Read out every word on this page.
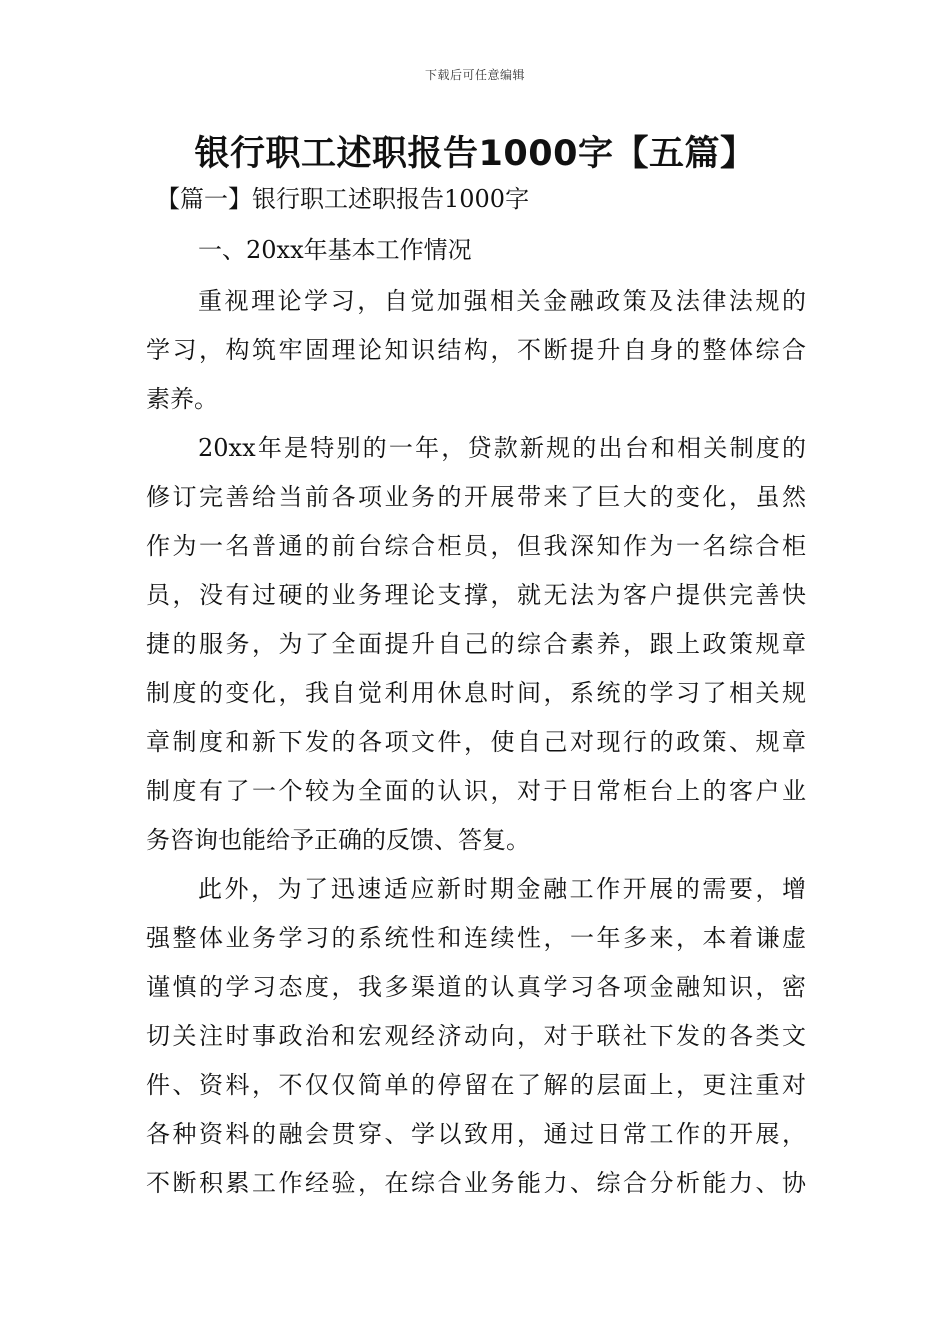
下载后可任意编辑
银行职工述职报告1000字【五篇】
【篇一】银行职工述职报告1000字
一、20xx年基本工作情况
重视理论学习，自觉加强相关金融政策及法律法规的
学习，构筑牢固理论知识结构，不断提升自身的整体综合
素养。
20xx年是特别的一年，贷款新规的出台和相关制度的
修订完善给当前各项业务的开展带来了巨大的变化，虽然
作为一名普通的前台综合柜员，但我深知作为一名综合柜
员，没有过硬的业务理论支撑，就无法为客户提供完善快
捷的服务，为了全面提升自己的综合素养，跟上政策规章
制度的变化，我自觉利用休息时间，系统的学习了相关规
章制度和新下发的各项文件，使自己对现行的政策、规章
制度有了一个较为全面的认识，对于日常柜台上的客户业
务咨询也能给予正确的反馈、答复。
此外，为了迅速适应新时期金融工作开展的需要，增
强整体业务学习的系统性和连续性，一年多来，本着谦虚
谨慎的学习态度，我多渠道的认真学习各项金融知识，密
切关注时事政治和宏观经济动向，对于联社下发的各类文
件、资料，不仅仅简单的停留在了解的层面上，更注重对
各种资料的融会贯穿、学以致用，通过日常工作的开展，
不断积累工作经验，在综合业务能力、综合分析能力、协
